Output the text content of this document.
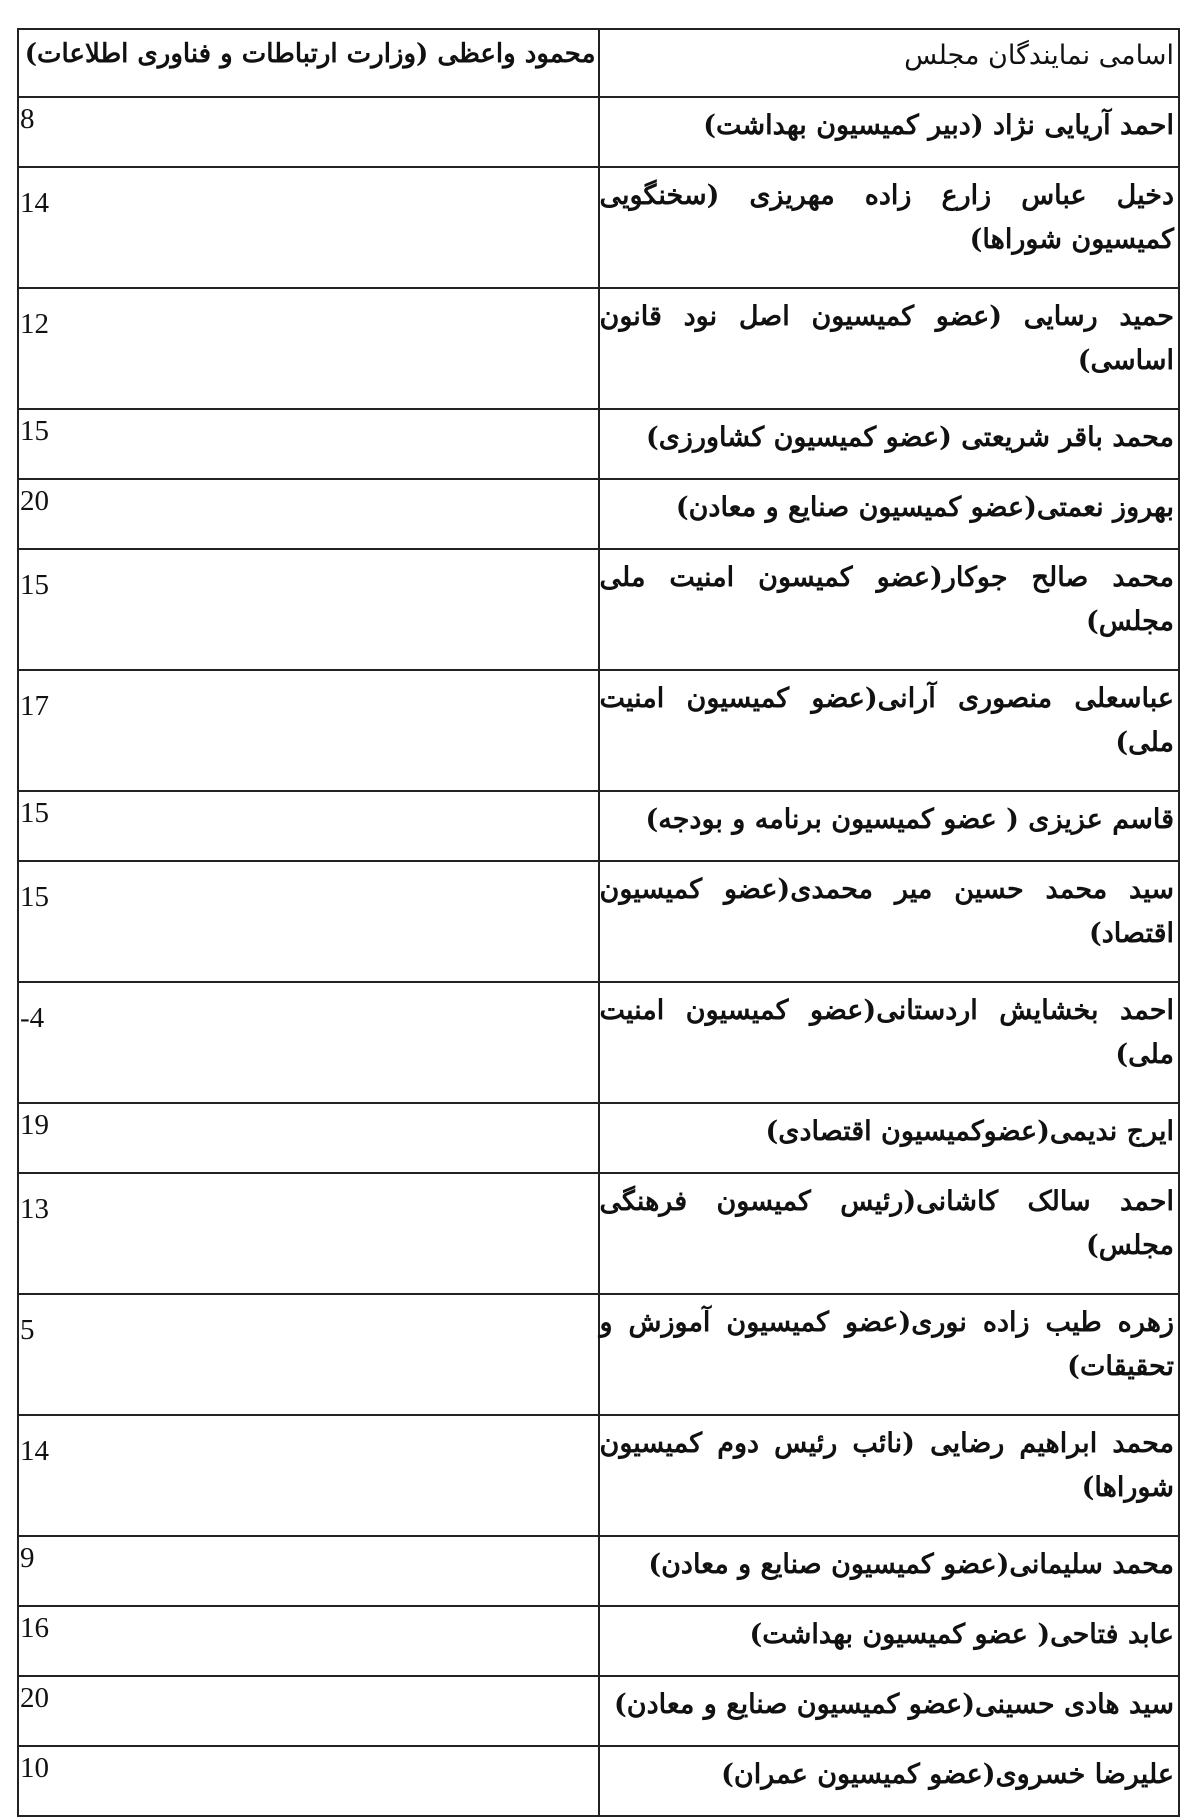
محمود واعظی (وزارت ارتباطات و فناوری اطلاعات)	اسامی نمایندگان مجلس
8	احمد آریایی نژاد (دبیر کمیسیون بهداشت)
14	دخیل عباس زارع زاده مهریزی (سخنگویی کمیسیون شوراها)
12	حمید رسایی (عضو کمیسیون اصل نود قانون اساسی)
15	محمد باقر شریعتی (عضو کمیسیون کشاورزی)
20	بهروز نعمتی(عضو کمیسیون صنایع و معادن)
15	محمد صالح جوکار(عضو کمیسون امنیت ملی مجلس)
17	عباسعلی منصوری آرانی(عضو کمیسیون امنیت ملی)
15	قاسم عزیزی ( عضو کمیسیون برنامه و بودجه)
15	سید محمد حسین میر محمدی(عضو کمیسیون اقتصاد)
-4	احمد بخشایش اردستانی(عضو کمیسیون امنیت ملی)
19	ایرج ندیمی(عضوکمیسیون اقتصادی)
13	احمد سالک کاشانی(رئیس کمیسون فرهنگی مجلس)
5	زهره طیب زاده نوری(عضو کمیسیون آموزش و تحقیقات)
14	محمد ابراهیم رضایی (نائب رئیس دوم کمیسیون شوراها)
9	محمد سلیمانی(عضو کمیسیون صنایع و معادن)
16	عابد فتاحی( عضو کمیسیون بهداشت)
20	سید هادی حسینی(عضو کمیسیون صنایع و معادن)
10	علیرضا خسروی(عضو کمیسیون عمران)
